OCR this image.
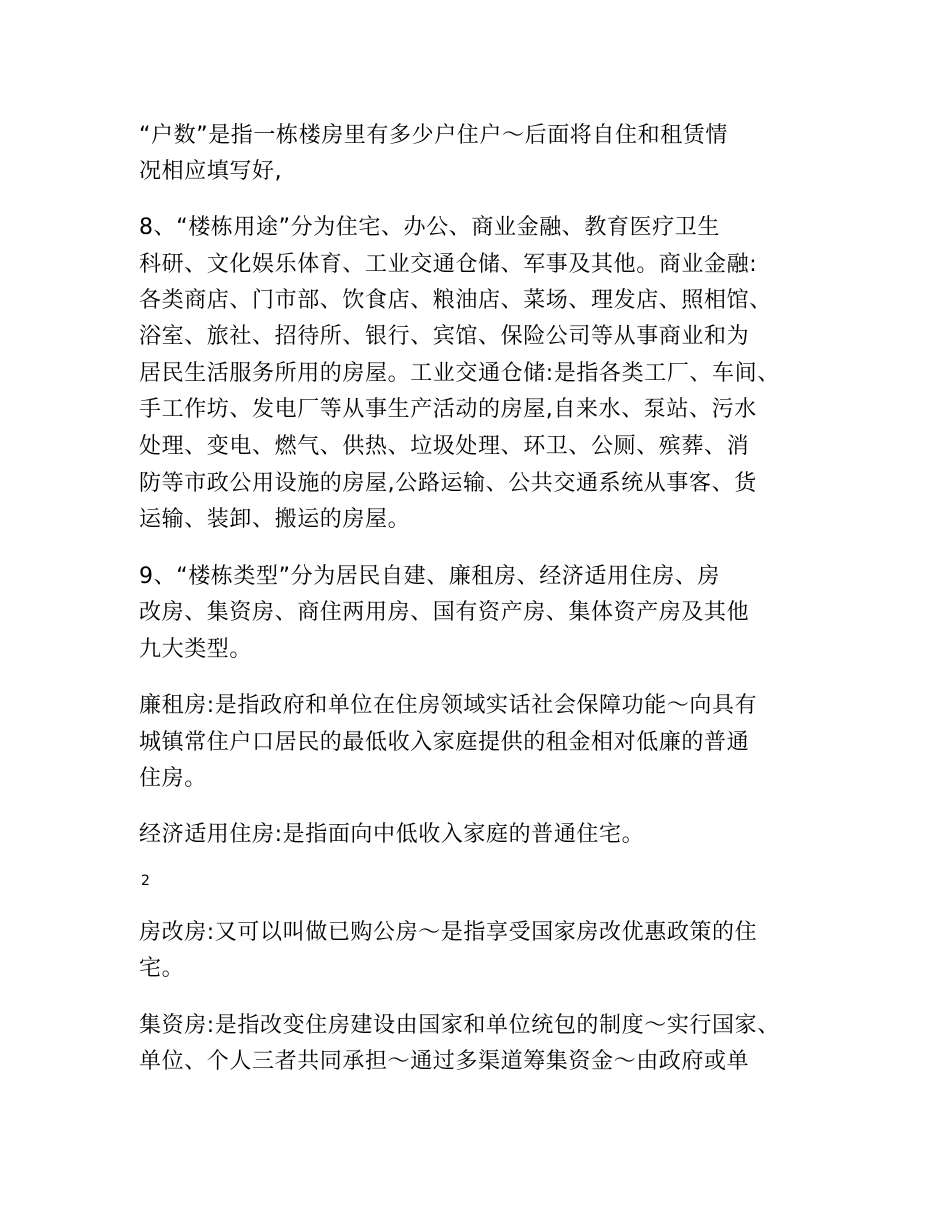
“户数”是指一栋楼房里有多少户住户～后面将自住和租赁情
况相应填写好,
8、“楼栋用途”分为住宅、办公、商业金融、教育医疗卫生
科研、文化娱乐体育、工业交通仓储、军事及其他。商业金融:
各类商店、门市部、饮食店、粮油店、菜场、理发店、照相馆、
浴室、旅社、招待所、银行、宾馆、保险公司等从事商业和为
居民生活服务所用的房屋。工业交通仓储:是指各类工厂、车间、
手工作坊、发电厂等从事生产活动的房屋,自来水、泵站、污水
处理、变电、燃气、供热、垃圾处理、环卫、公厕、殡葬、消
防等市政公用设施的房屋,公路运输、公共交通系统从事客、货
运输、装卸、搬运的房屋。
9、“楼栋类型”分为居民自建、廉租房、经济适用住房、房
改房、集资房、商住两用房、国有资产房、集体资产房及其他
九大类型。
廉租房:是指政府和单位在住房领域实话社会保障功能～向具有
城镇常住户口居民的最低收入家庭提供的租金相对低廉的普通
住房。
经济适用住房:是指面向中低收入家庭的普通住宅。
2
房改房:又可以叫做已购公房～是指享受国家房改优惠政策的住
宅。
集资房:是指改变住房建设由国家和单位统包的制度～实行国家、
单位、个人三者共同承担～通过多渠道筹集资金～由政府或单
